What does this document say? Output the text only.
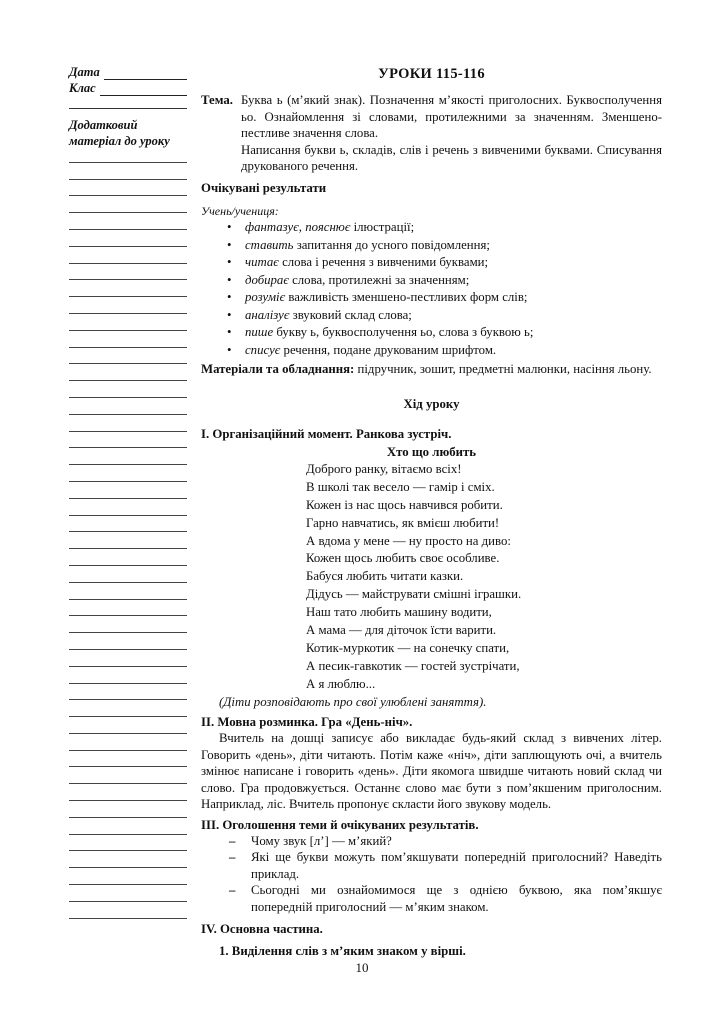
Дата
Клас
Додатковий матеріал до уроку
УРОКИ 115-116
Тема. Буква ь (м’який знак). Позначення м’якості приголосних. Буквосполучення ьо. Ознайомлення зі словами, протилежними за значенням. Зменшено-пестливе значення слова.

Написання букви ь, складів, слів і речень з вивченими буквами. Списування друкованого речення.

Очікувані результати
Учень/учениця:
• фантазує, пояснює ілюстрації;
• ставить запитання до усного повідомлення;
• читає слова і речення з вивченими буквами;
• добирає слова, протилежні за значенням;
• розуміє важливість зменшено-пестливих форм слів;
• аналізує звуковий склад слова;
• пише букву ь, буквосполучення ьо, слова з буквою ь;
• списує речення, подане друкованим шрифтом.
Матеріали та обладнання: підручник, зошит, предметні малюнки, насіння льону.
Хід уроку
I. Організаційний момент. Ранкова зустріч.
Хто що любить
Доброго ранку, вітаємо всіх!
В школі так весело — гамір і сміх.
Кожен із нас щось навчився робити.
Гарно навчатись, як вмієш любити!
А вдома у мене — ну просто на диво:
Кожен щось любить своє особливе.
Бабуся любить читати казки.
Дідусь — майструвати смішні іграшки.
Наш тато любить машину водити,
А мама — для діточок їсти варити.
Котик-муркотик — на сонечку спати,
А песик-гавкотик — гостей зустрічати,
А я люблю...
(Діти розповідають про свої улюблені заняття).
II. Мовна розминка. Гра «День-ніч».
Вчитель на дошці записує або викладає будь-який склад з вивчених літер. Говорить «день», діти читають. Потім каже «ніч», діти заплющують очі, а вчитель змінює написане і говорить «день». Діти якомога швидше читають новий склад чи слово. Гра продовжується. Останнє слово має бути з пом’якшеним приголосним. Наприклад, ліс. Вчитель пропонує скласти його звукову модель.
III. Оголошення теми й очікуваних результатів.
– Чому звук [л’] — м’який?
– Які ще букви можуть пом’якшувати попередній приголосний? Наведіть приклад.
– Сьогодні ми ознайомимося ще з однією буквою, яка пом’якшує попередній приголосний — м’яким знаком.
IV. Основна частина.
1. Виділення слів з м’яким знаком у вірші.
10
